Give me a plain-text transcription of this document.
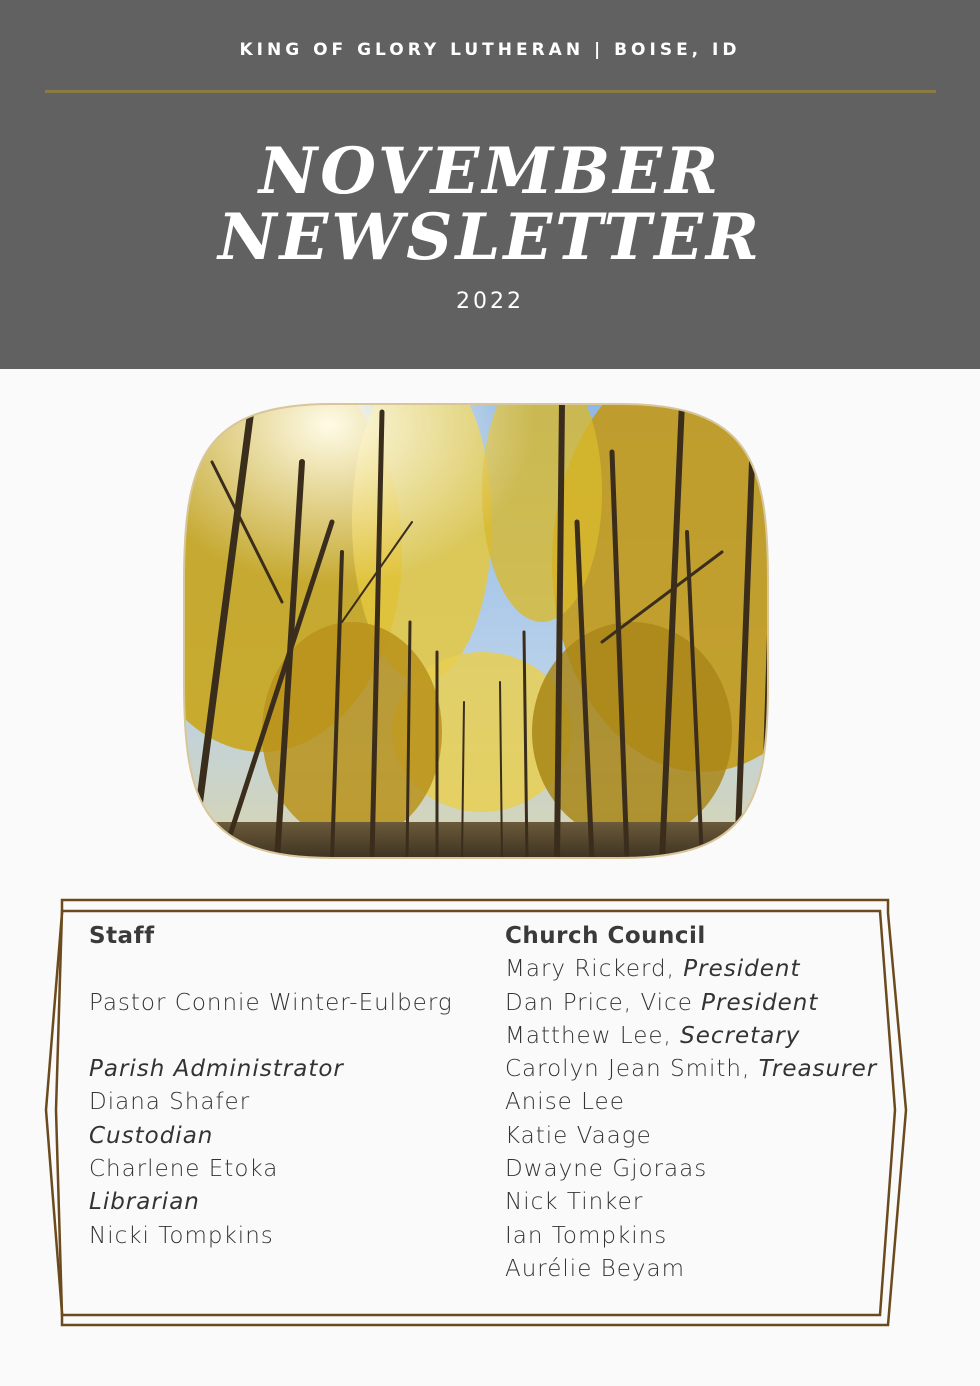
KING OF GLORY LUTHERAN | BOISE, ID

NOVEMBER
NEWSLETTER

2022

Staff
Pastor Connie Winter-Eulberg
Parish Administrator
Diana Shafer
Custodian
Charlene Etoka
Librarian
Nicki Tompkins
Church Council
Mary Rickerd, President
Dan Price, Vice President
Matthew Lee, Secretary
Carolyn Jean Smith, Treasurer
Anise Lee
Katie Vaage
Dwayne Gjoraas
Nick Tinker
Ian Tompkins
Aurélie Beyam
